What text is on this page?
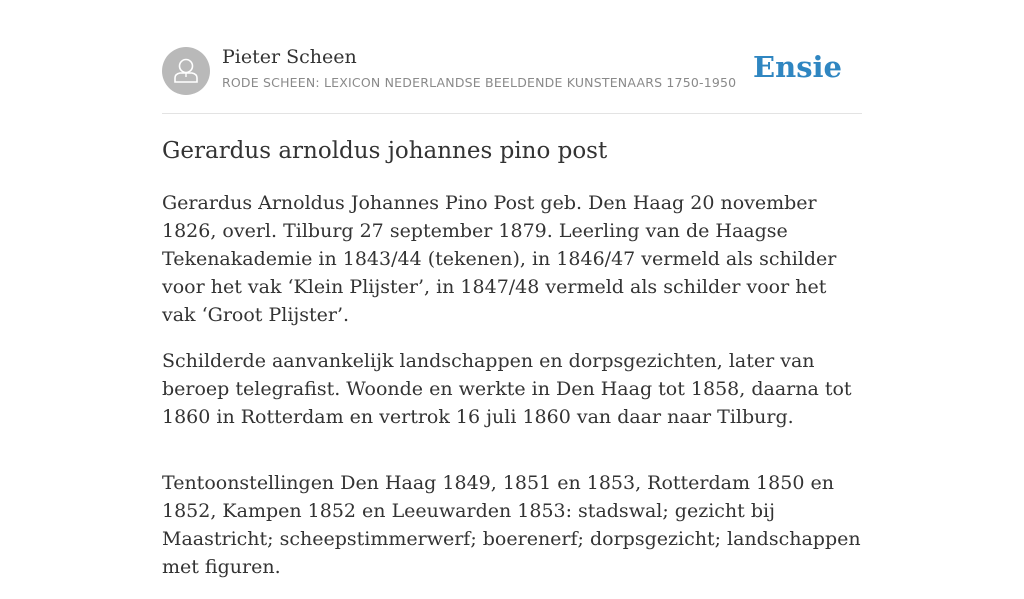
Pieter Scheen
RODE SCHEEN: LEXICON NEDERLANDSE BEELDENDE KUNSTENAARS 1750-1950 Ensie
Gerardus arnoldus johannes pino post

Gerardus Arnoldus Johannes Pino Post geb. Den Haag 20 november 1826, overl. Tilburg 27 september 1879. Leerling van de Haagse Tekenakademie in 1843/44 (tekenen), in 1846/47 vermeld als schilder voor het vak ‘Klein Plijster’, in 1847/48 vermeld als schilder voor het vak ‘Groot Plijster’.

Schilderde aanvankelijk landschappen en dorpsgezichten, later van beroep telegrafist. Woonde en werkte in Den Haag tot 1858, daarna tot 1860 in Rotterdam en vertrok 16 juli 1860 van daar naar Tilburg.

Tentoonstellingen Den Haag 1849, 1851 en 1853, Rotterdam 1850 en 1852, Kampen 1852 en Leeuwarden 1853: stadswal; gezicht bij Maastricht; scheepstimmerwerf; boerenerf; dorpsgezicht; landschappen met figuren.
